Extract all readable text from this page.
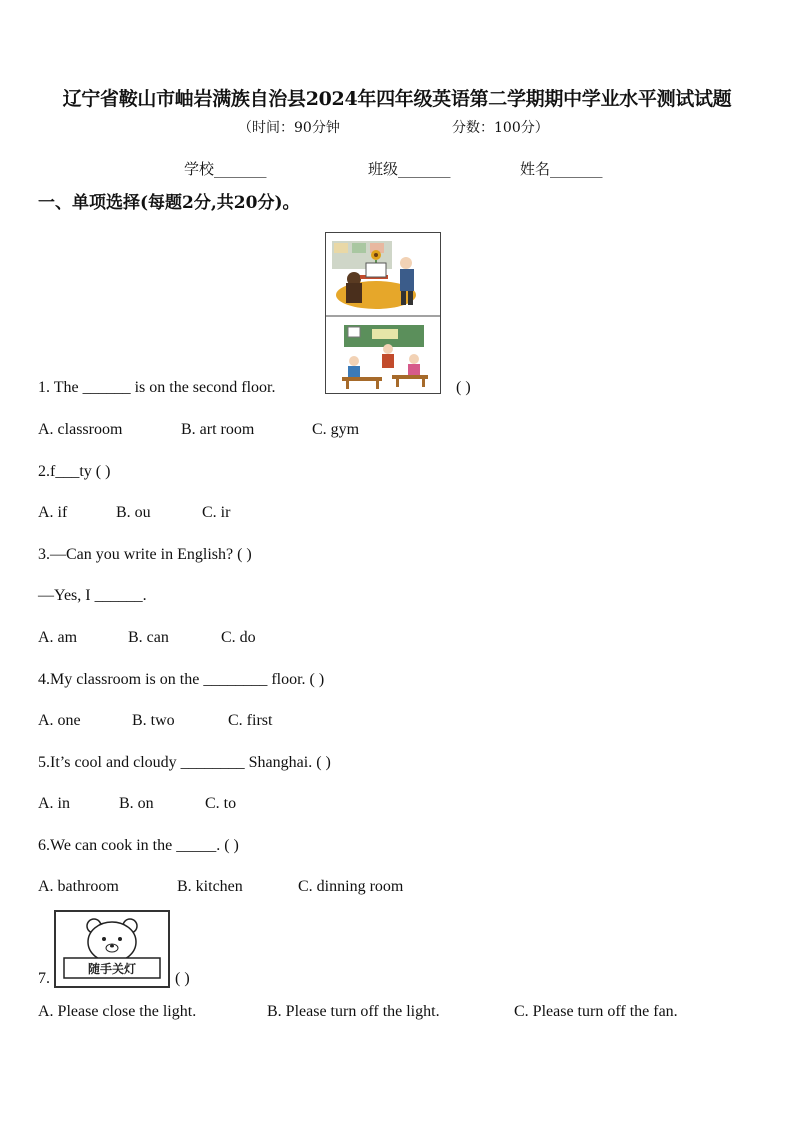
辽宁省鞍山市岫岩满族自治县2024年四年级英语第二学期期中学业水平测试试题
（时间：90分钟	分数：100分）
学校_______	班级_______	姓名_______
一、单项选择(每题2分,共20分)。
1. The ______ is on the second floor.	( )
A. classroom	B. art room	C. gym
2.f___ty ( )
A. if	B. ou	C. ir
3.—Can you write in English? ( )
—Yes, I ______.
A. am	B. can	C. do
4.My classroom is on the ________ floor. ( )
A. one	B. two	C. first
5.It’s cool and cloudy ________ Shanghai. ( )
A. in	B. on	C. to
6.We can cook in the _____. ( )
A. bathroom	B. kitchen	C. dinning room
随手关灯
7.	( )
A. Please close the light.	B. Please turn off the light.	C. Please turn off the fan.
